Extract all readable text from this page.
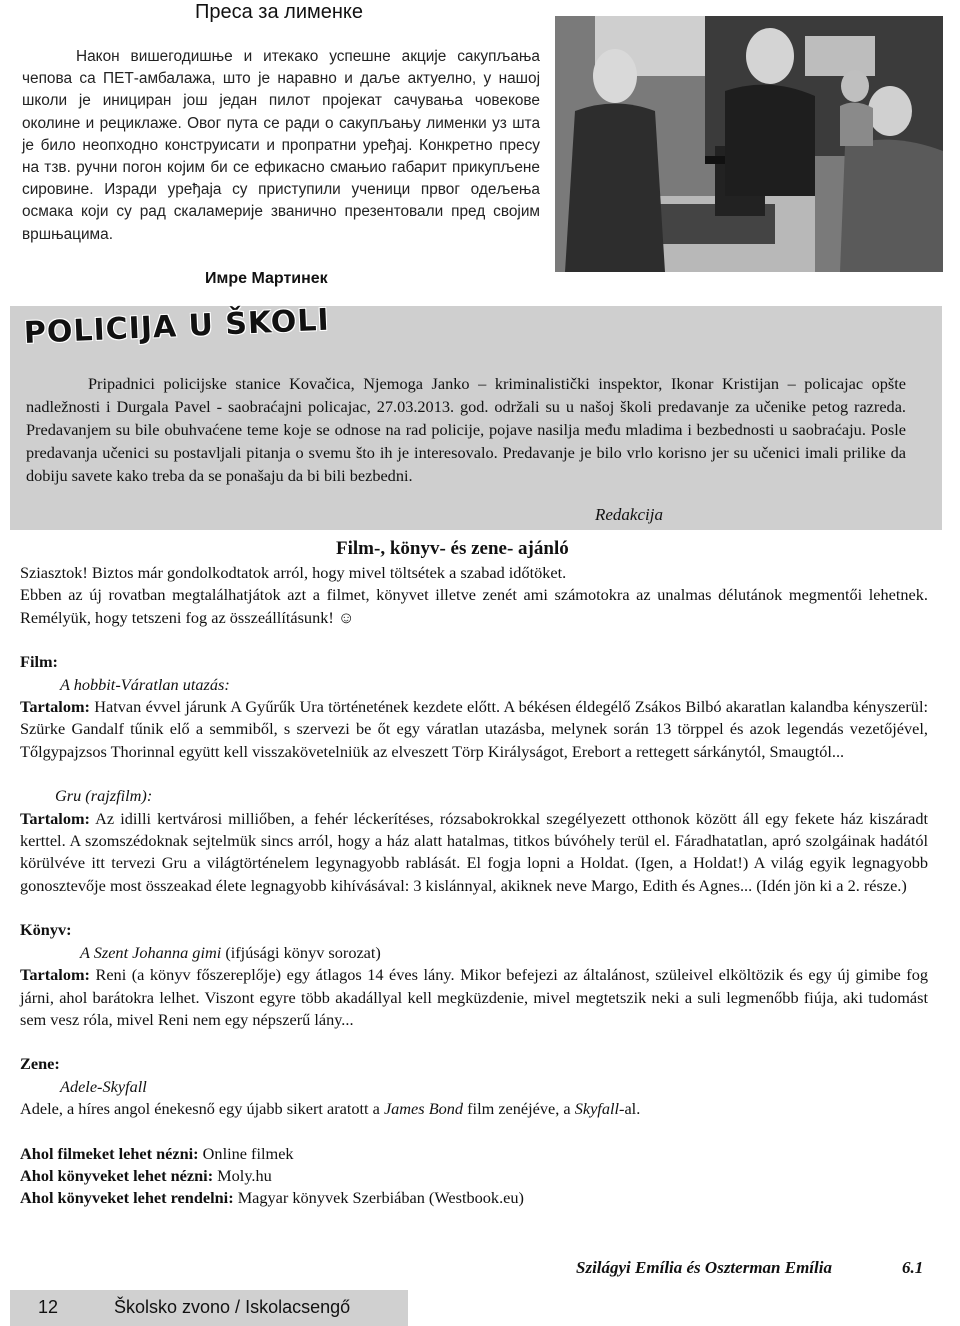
Преса за лименке

Након вишегодишње и итекако успешне акције сакупљања чепова са ПЕТ-амбалажа, што је наравно и даље актуелно, у нашој школи је инициран још један пилот пројекат сачувања човекове околине и рециклаже. Овог пута се ради о сакупљању лименки уз шта је било неопходно конструисати и пропратни уређај. Конкретно пресу на тзв. ручни погон којим би се ефикасно смањио габарит прикупљене сировине. Изради уређаја су приступили ученици првог одељења осмака који су рад скаламерије званично презентовали пред својим вршњацима.

Имре Мартинек
POLICIJA U ŠKOLI

Pripadnici policijske stanice Kovačica, Njemoga Janko – kriminalistički inspektor, Ikonar Kristijan – policajac opšte nadležnosti i Durgala Pavel - saobraćajni policajac, 27.03.2013. god. održali su u našoj školi predavanje za učenike petog razreda. Predavanjem su bile obuhvaćene teme koje se odnose na rad policije, pojave nasilja među mladima i bezbednosti u saobraćaju. Posle predavanja učenici su postavljali pitanja o svemu što ih je interesovalo. Predavanje je bilo vrlo korisno jer su učenici imali prilike da dobiju savete kako treba da se ponašaju da bi bili bezbedni.

Redakcija
Film-, könyv- és zene- ajánló

Sziasztok! Biztos már gondolkodtatok arról, hogy mivel töltsétek a szabad időtöket.

Ebben az új rovatban megtalálhatjátok azt a filmet, könyvet illetve zenét ami számotokra az unalmas délutánok megmentői lehetnek. Remélyük, hogy tetszeni fog az összeállításunk! ☺

Film:

A hobbit-Váratlan utazás:

Tartalom: Hatvan évvel járunk A Gyűrűk Ura történetének kezdete előtt. A békésen éldegélő Zsákos Bilbó akaratlan kalandba kényszerül: Szürke Gandalf tűnik elő a semmiből, s szervezi be őt egy váratlan utazásba, melynek során 13 törppel és azok legendás vezetőjével, Tőlgypajzsos Thorinnal együtt kell visszakövetelniük az elveszett Törp Királyságot, Erebort a rettegett sárkánytól, Smaugtól...

Gru (rajzfilm):

Tartalom: Az idilli kertvárosi milliőben, a fehér léckerítéses, rózsabokrokkal szegélyezett otthonok között áll egy fekete ház kiszáradt kerttel. A szomszédoknak sejtelmük sincs arról, hogy a ház alatt hatalmas, titkos búvóhely terül el. Fáradhatatlan, apró szolgáinak hadától körülvéve itt tervezi Gru a világtörténelem legynagyobb rablását. El fogja lopni a Holdat. (Igen, a Holdat!) A világ egyik legnagyobb gonosztevője most összeakad élete legnagyobb kihívásával: 3 kislánnyal, akiknek neve Margo, Edith és Agnes... (Idén jön ki a 2. része.)

Könyv:

A Szent Johanna gimi (ifjúsági könyv sorozat)

Tartalom: Reni (a könyv főszereplője) egy átlagos 14 éves lány. Mikor befejezi az általánost, szüleivel elköltözik és egy új gimibe fog járni, ahol barátokra lelhet. Viszont egyre több akadállyal kell megküzdenie, mivel megtetszik neki a suli legmenőbb fiúja, aki tudomást sem vesz róla, mivel Reni nem egy népszerű lány...

Zene:

Adele-Skyfall

Adele, a híres angol énekesnő egy újabb sikert aratott a James Bond film zenéjéve, a Skyfall-al.

Ahol filmeket lehet nézni: Online filmek

Ahol könyveket lehet nézni: Moly.hu

Ahol könyveket lehet rendelni: Magyar könyvek Szerbiában (Westbook.eu)

Szilágyi Emília és Oszterman Emília	6.1
12	Školsko zvono / Iskolacsengő
